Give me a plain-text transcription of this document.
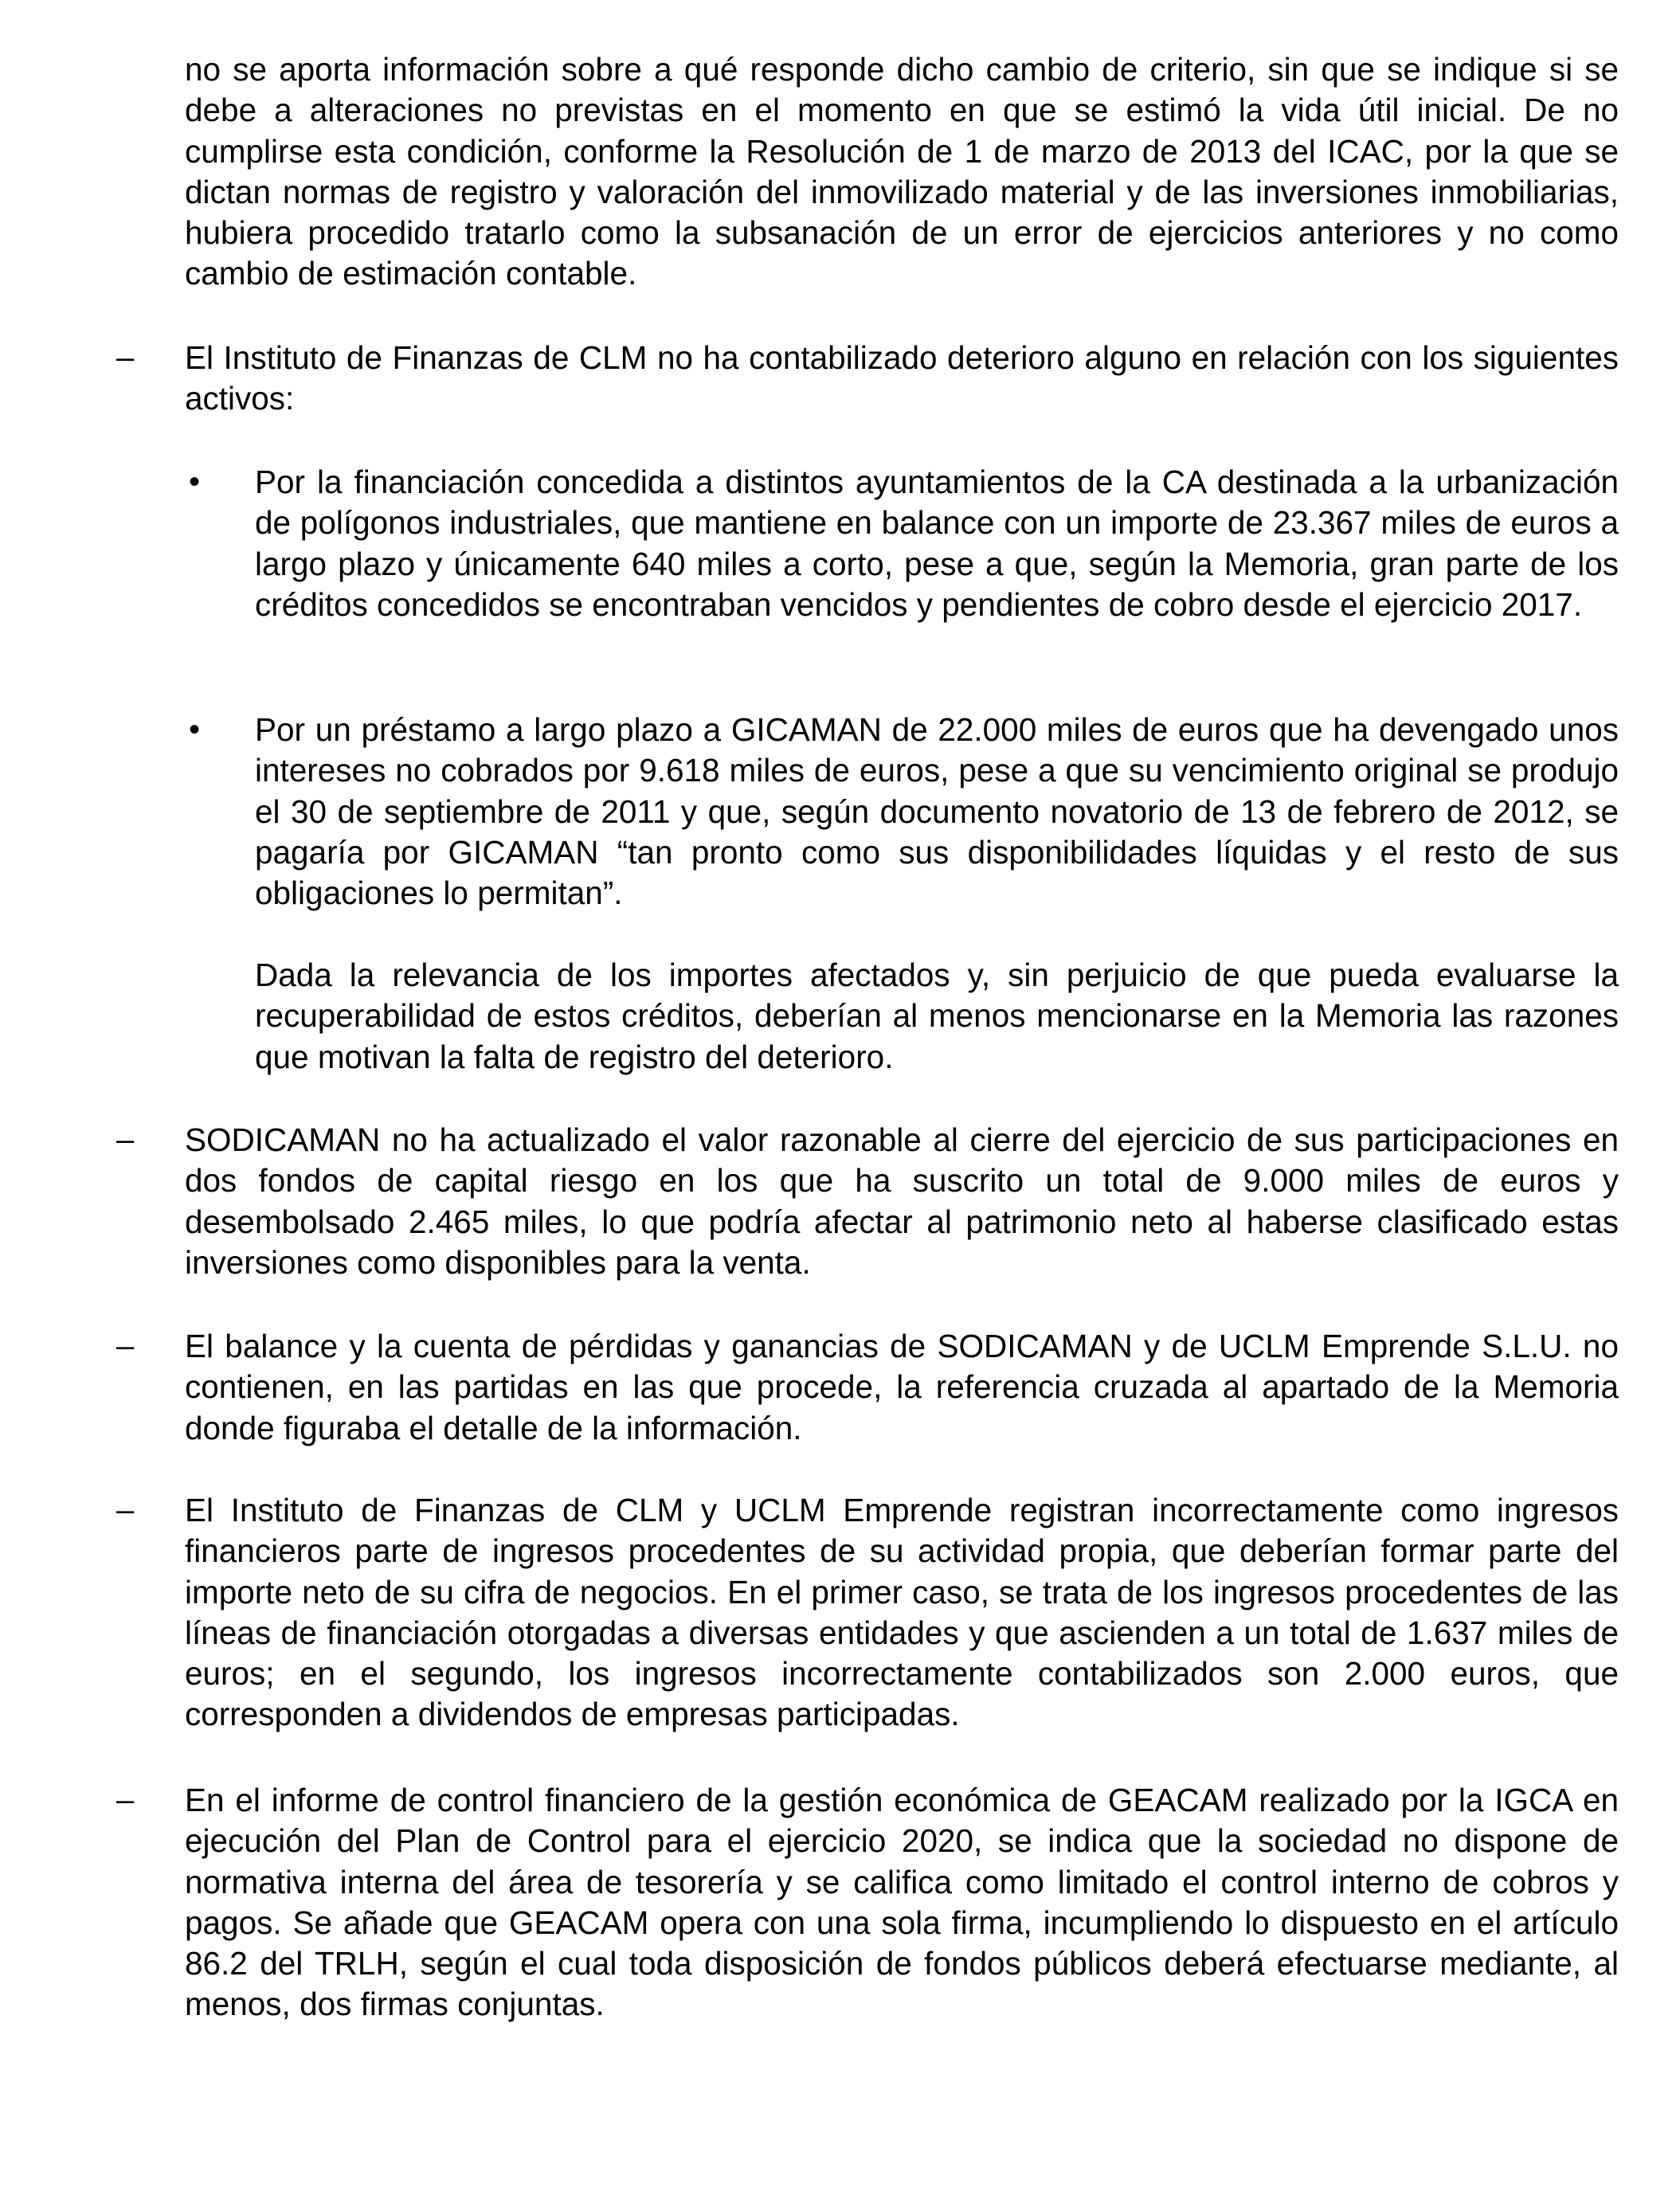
no se aporta información sobre a qué responde dicho cambio de criterio, sin que se indique si se debe a alteraciones no previstas en el momento en que se estimó la vida útil inicial. De no cumplirse esta condición, conforme la Resolución de 1 de marzo de 2013 del ICAC, por la que se dictan normas de registro y valoración del inmovilizado material y de las inversiones inmobiliarias, hubiera procedido tratarlo como la subsanación de un error de ejercicios anteriores y no como cambio de estimación contable.

– El Instituto de Finanzas de CLM no ha contabilizado deterioro alguno en relación con los siguientes activos:

•	Por la financiación concedida a distintos ayuntamientos de la CA destinada a la urbanización de polígonos industriales, que mantiene en balance con un importe de 23.367 miles de euros a largo plazo y únicamente 640 miles a corto, pese a que, según la Memoria, gran parte de los créditos concedidos se encontraban vencidos y pendientes de cobro desde el ejercicio 2017.

•	Por un préstamo a largo plazo a GICAMAN de 22.000 miles de euros que ha devengado unos intereses no cobrados por 9.618 miles de euros, pese a que su vencimiento original se produjo el 30 de septiembre de 2011 y que, según documento novatorio de 13 de febrero de 2012, se pagaría por GICAMAN “tan pronto como sus disponibilidades líquidas y el resto de sus obligaciones lo permitan”.

Dada la relevancia de los importes afectados y, sin perjuicio de que pueda evaluarse la recuperabilidad de estos créditos, deberían al menos mencionarse en la Memoria las razones que motivan la falta de registro del deterioro.

– SODICAMAN no ha actualizado el valor razonable al cierre del ejercicio de sus participaciones en dos fondos de capital riesgo en los que ha suscrito un total de 9.000 miles de euros y desembolsado 2.465 miles, lo que podría afectar al patrimonio neto al haberse clasificado estas inversiones como disponibles para la venta.

– El balance y la cuenta de pérdidas y ganancias de SODICAMAN y de UCLM Emprende S.L.U. no contienen, en las partidas en las que procede, la referencia cruzada al apartado de la Memoria donde figuraba el detalle de la información.

– El Instituto de Finanzas de CLM y UCLM Emprende registran incorrectamente como ingresos financieros parte de ingresos procedentes de su actividad propia, que deberían formar parte del importe neto de su cifra de negocios. En el primer caso, se trata de los ingresos procedentes de las líneas de financiación otorgadas a diversas entidades y que ascienden a un total de 1.637 miles de euros; en el segundo, los ingresos incorrectamente contabilizados son 2.000 euros, que corresponden a dividendos de empresas participadas.

– En el informe de control financiero de la gestión económica de GEACAM realizado por la IGCA en ejecución del Plan de Control para el ejercicio 2020, se indica que la sociedad no dispone de normativa interna del área de tesorería y se califica como limitado el control interno de cobros y pagos. Se añade que GEACAM opera con una sola firma, incumpliendo lo dispuesto en el artículo 86.2 del TRLH, según el cual toda disposición de fondos públicos deberá efectuarse mediante, al menos, dos firmas conjuntas.
